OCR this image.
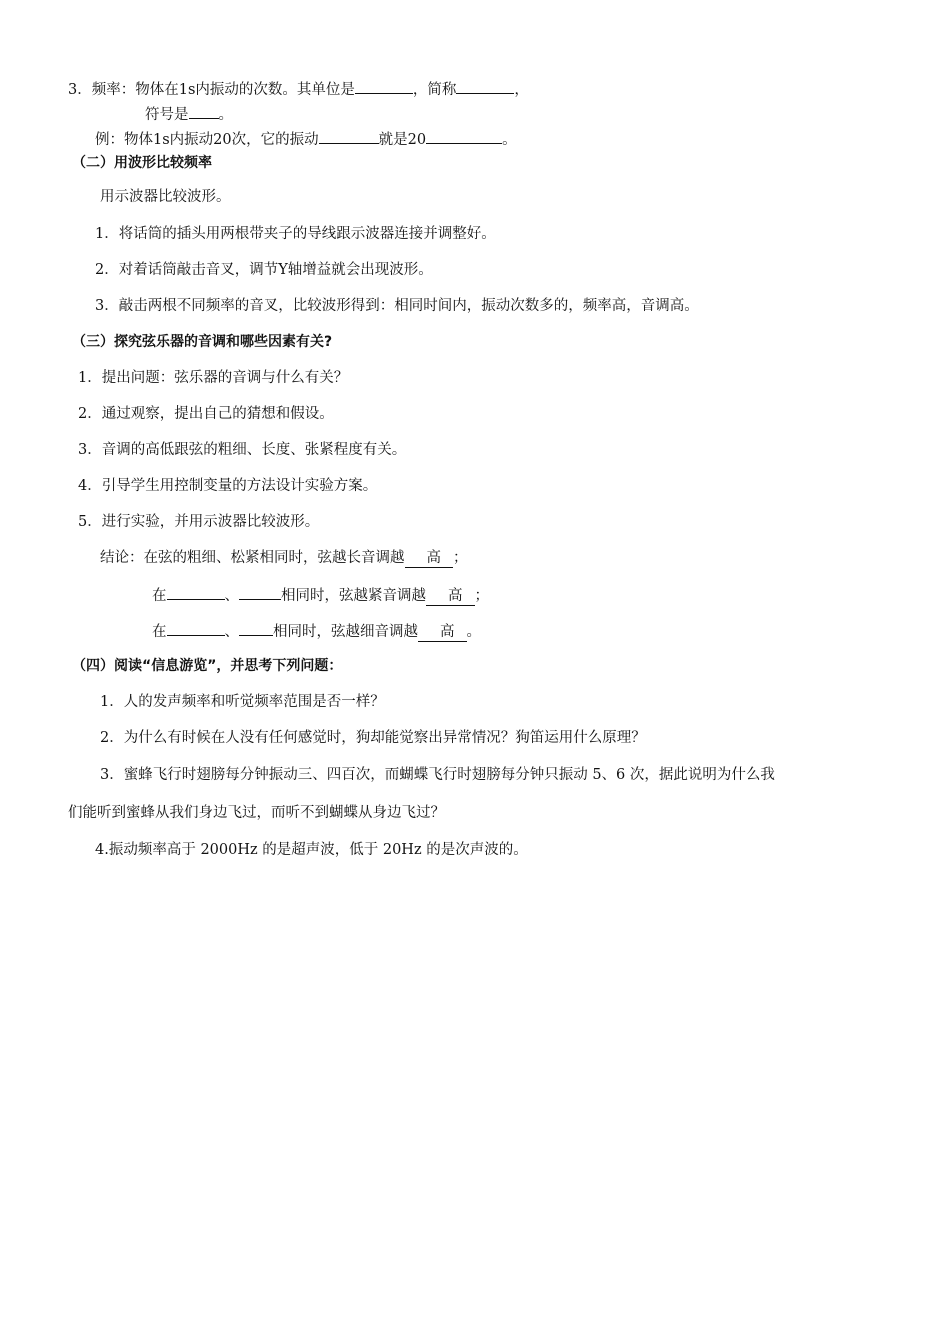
3．频率：物体在1s内振动的次数。其单位是	，简称	，
符号是 。
例：物体1s内振动20次，它的振动	就是20	。
（二）用波形比较频率
用示波器比较波形。
1．将话筒的插头用两根带夹子的导线跟示波器连接并调整好。
2．对着话筒敲击音叉，调节Y轴增益就会出现波形。
3．敲击两根不同频率的音叉，比较波形得到：相同时间内，振动次数多的，频率高，音调高。
（三）探究弦乐器的音调和哪些因素有关?
1．提出问题：弦乐器的音调与什么有关？
2．通过观察，提出自己的猜想和假设。
3．音调的高低跟弦的粗细、长度、张紧程度有关。
4．引导学生用控制变量的方法设计实验方案。
5．进行实验，并用示波器比较波形。
结论：在弦的粗细、松紧相同时，弦越长音调越 高 ；
在	、	相同时，弦越紧音调越 高 ；
在	、 相同时，弦越细音调越 高 。
（四）阅读“信息游览”，并思考下列问题：
1．人的发声频率和听觉频率范围是否一样？
2．为什么有时候在人没有任何感觉时，狗却能觉察出异常情况？狗笛运用什么原理？
3．蜜蜂飞行时翅膀每分钟振动三、四百次，而蝴蝶飞行时翅膀每分钟只振动 5、6 次，据此说明为什么我
们能听到蜜蜂从我们身边飞过，而听不到蝴蝶从身边飞过？
4.振动频率高于 2000Hz 的是超声波，低于 20Hz 的是次声波的。
